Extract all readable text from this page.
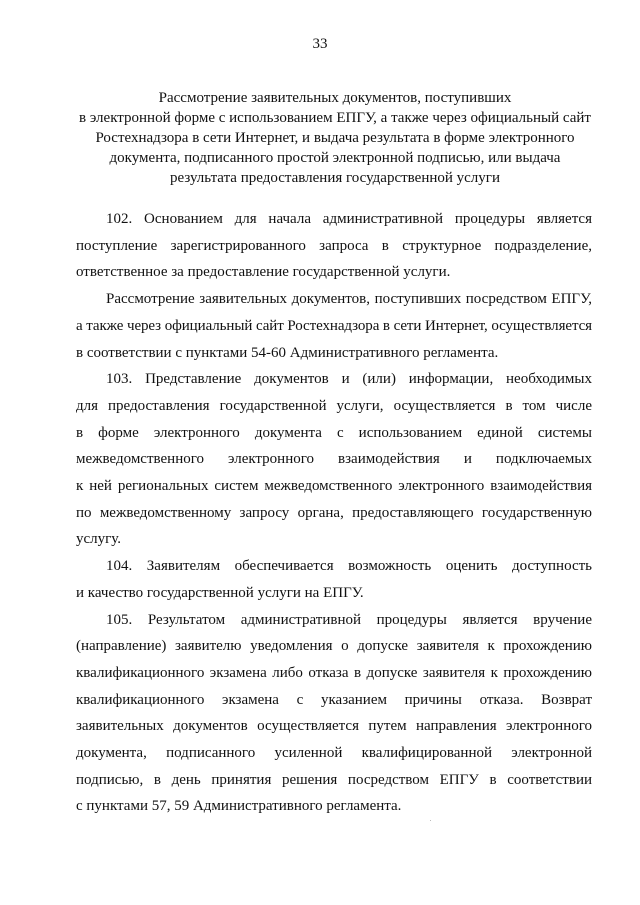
33
Рассмотрение заявительных документов, поступивших
в электронной форме с использованием ЕПГУ, а также через официальный сайт
Ростехнадзора в сети Интернет, и выдача результата в форме электронного
документа, подписанного простой электронной подписью, или выдача
результата предоставления государственной услуги

102. Основанием для начала административной процедуры является
поступление зарегистрированного запроса в структурное подразделение,
ответственное за предоставление государственной услуги.

Рассмотрение заявительных документов, поступивших посредством ЕПГУ,
а также через официальный сайт Ростехнадзора в сети Интернет, осуществляется
в соответствии с пунктами 54-60 Административного регламента.

103. Представление документов и (или) информации, необходимых
для предоставления государственной услуги, осуществляется в том числе
в форме электронного документа с использованием единой системы
межведомственного электронного взаимодействия и подключаемых
к ней региональных систем межведомственного электронного взаимодействия
по межведомственному запросу органа, предоставляющего государственную
услугу.

104. Заявителям обеспечивается возможность оценить доступность
и качество государственной услуги на ЕПГУ.

105. Результатом административной процедуры является вручение
(направление) заявителю уведомления о допуске заявителя к прохождению
квалификационного экзамена либо отказа в допуске заявителя к прохождению
квалификационного экзамена с указанием причины отказа. Возврат
заявительных документов осуществляется путем направления электронного
документа, подписанного усиленной квалифицированной электронной
подписью, в день принятия решения посредством ЕПГУ в соответствии
с пунктами 57, 59 Административного регламента.
